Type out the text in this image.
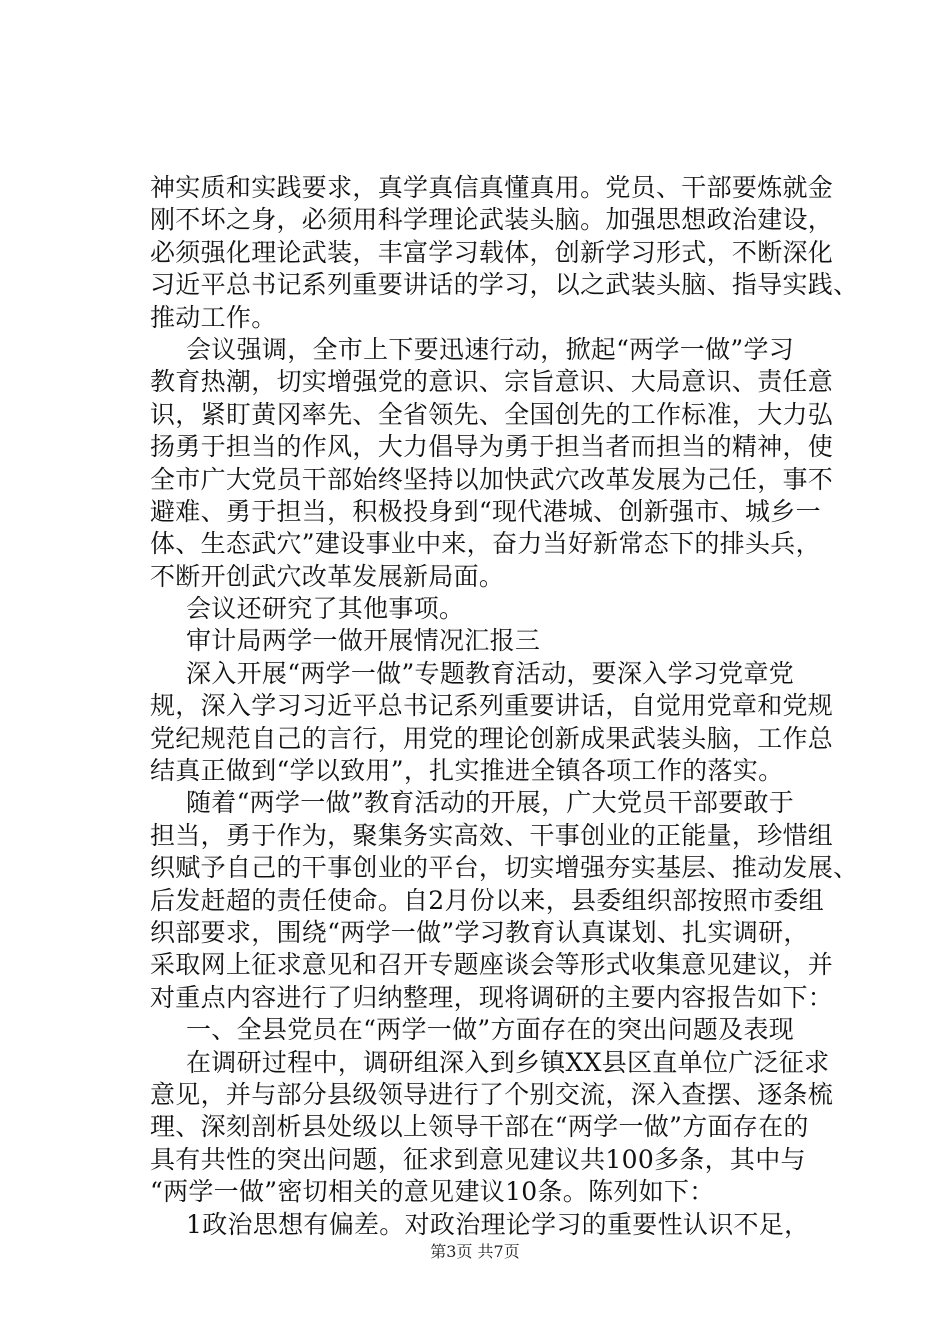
神实质和实践要求，真学真信真懂真用。党员、干部要炼就金
刚不坏之身，必须用科学理论武装头脑。加强思想政治建设，
必须强化理论武装，丰富学习载体，创新学习形式，不断深化
习近平总书记系列重要讲话的学习，以之武装头脑、指导实践、
推动工作。
会议强调，全市上下要迅速行动，掀起“两学一做”学习
教育热潮，切实增强党的意识、宗旨意识、大局意识、责任意
识，紧盯黄冈率先、全省领先、全国创先的工作标准，大力弘
扬勇于担当的作风，大力倡导为勇于担当者而担当的精神，使
全市广大党员干部始终坚持以加快武穴改革发展为己任，事不
避难、勇于担当，积极投身到“现代港城、创新强市、城乡一
体、生态武穴”建设事业中来，奋力当好新常态下的排头兵，
不断开创武穴改革发展新局面。
会议还研究了其他事项。
审计局两学一做开展情况汇报三
深入开展“两学一做”专题教育活动，要深入学习党章党
规，深入学习习近平总书记系列重要讲话，自觉用党章和党规
党纪规范自己的言行，用党的理论创新成果武装头脑，工作总
结真正做到“学以致用”，扎实推进全镇各项工作的落实。
随着“两学一做”教育活动的开展，广大党员干部要敢于
担当，勇于作为，聚集务实高效、干事创业的正能量，珍惜组
织赋予自己的干事创业的平台，切实增强夯实基层、推动发展、
后发赶超的责任使命。自2月份以来，县委组织部按照市委组
织部要求，围绕“两学一做”学习教育认真谋划、扎实调研，
采取网上征求意见和召开专题座谈会等形式收集意见建议，并
对重点内容进行了归纳整理，现将调研的主要内容报告如下：
一、全县党员在“两学一做”方面存在的突出问题及表现
在调研过程中，调研组深入到乡镇XX县区直单位广泛征求
意见，并与部分县级领导进行了个别交流，深入查摆、逐条梳
理、深刻剖析县处级以上领导干部在“两学一做”方面存在的
具有共性的突出问题，征求到意见建议共100多条，其中与
“两学一做”密切相关的意见建议10条。陈列如下：
1政治思想有偏差。对政治理论学习的重要性认识不足，
第3页 共7页
